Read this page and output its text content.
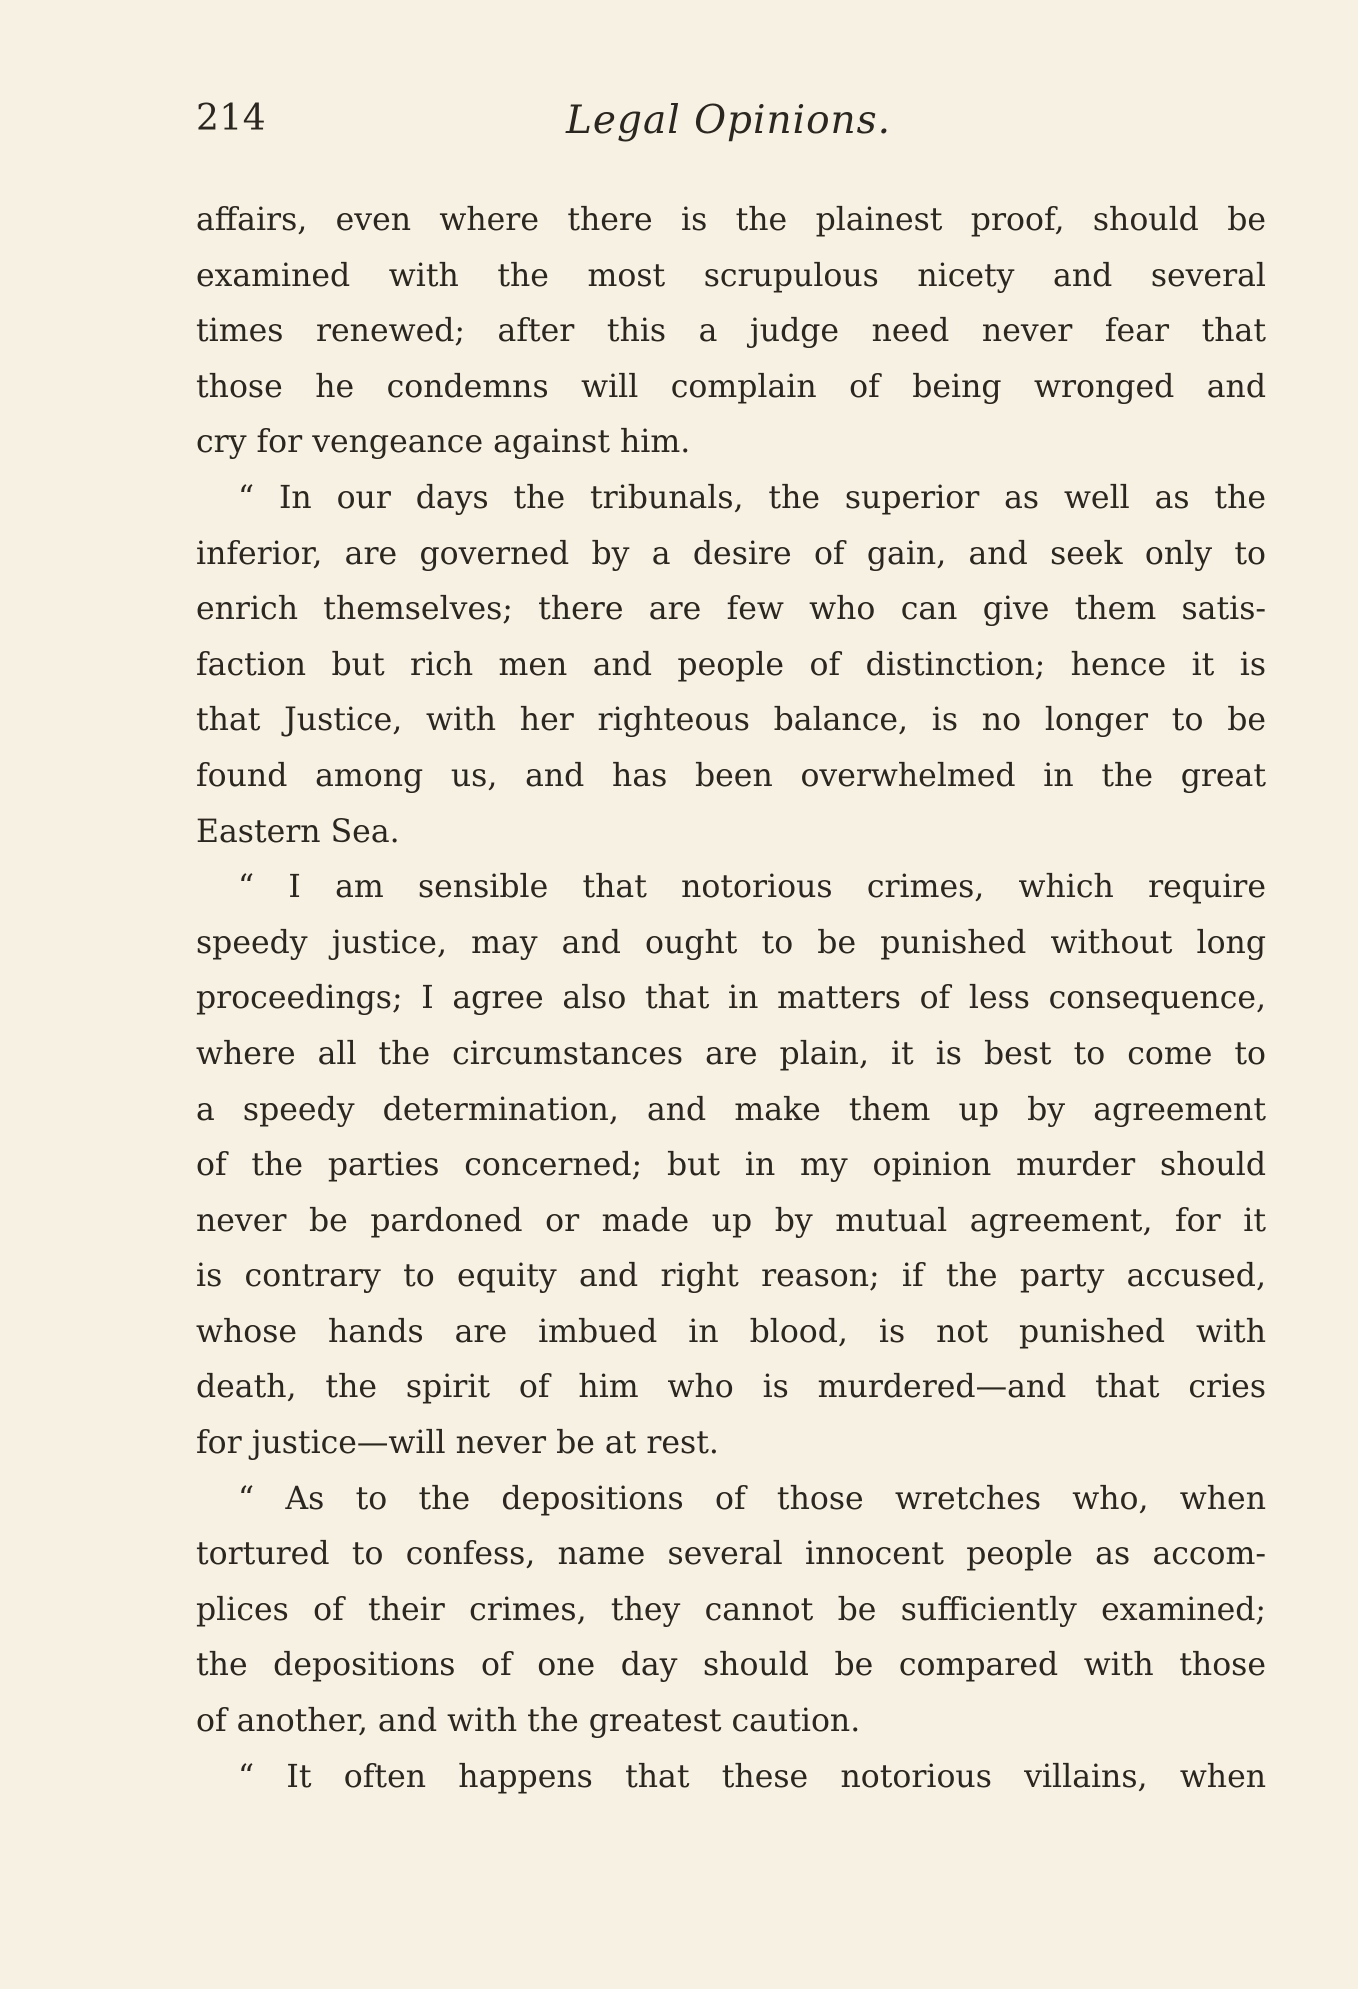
214	Legal Opinions.
affairs, even where there is the plainest proof, should be
examined with the most scrupulous nicety and several
times renewed; after this a judge need never fear that
those he condemns will complain of being wronged and
cry for vengeance against him.
“ In our days the tribunals, the superior as well as the
inferior, are governed by a desire of gain, and seek only to
enrich themselves; there are few who can give them satis-
faction but rich men and people of distinction; hence it is
that Justice, with her righteous balance, is no longer to be
found among us, and has been overwhelmed in the great
Eastern Sea.
“ I am sensible that notorious crimes, which require
speedy justice, may and ought to be punished without long
proceedings; I agree also that in matters of less consequence,
where all the circumstances are plain, it is best to come to
a speedy determination, and make them up by agreement
of the parties concerned; but in my opinion murder should
never be pardoned or made up by mutual agreement, for it
is contrary to equity and right reason; if the party accused,
whose hands are imbued in blood, is not punished with
death, the spirit of him who is murdered—and that cries
for justice—will never be at rest.
“ As to the depositions of those wretches who, when
tortured to confess, name several innocent people as accom-
plices of their crimes, they cannot be sufficiently examined;
the depositions of one day should be compared with those
of another, and with the greatest caution.
“ It often happens that these notorious villains, when
